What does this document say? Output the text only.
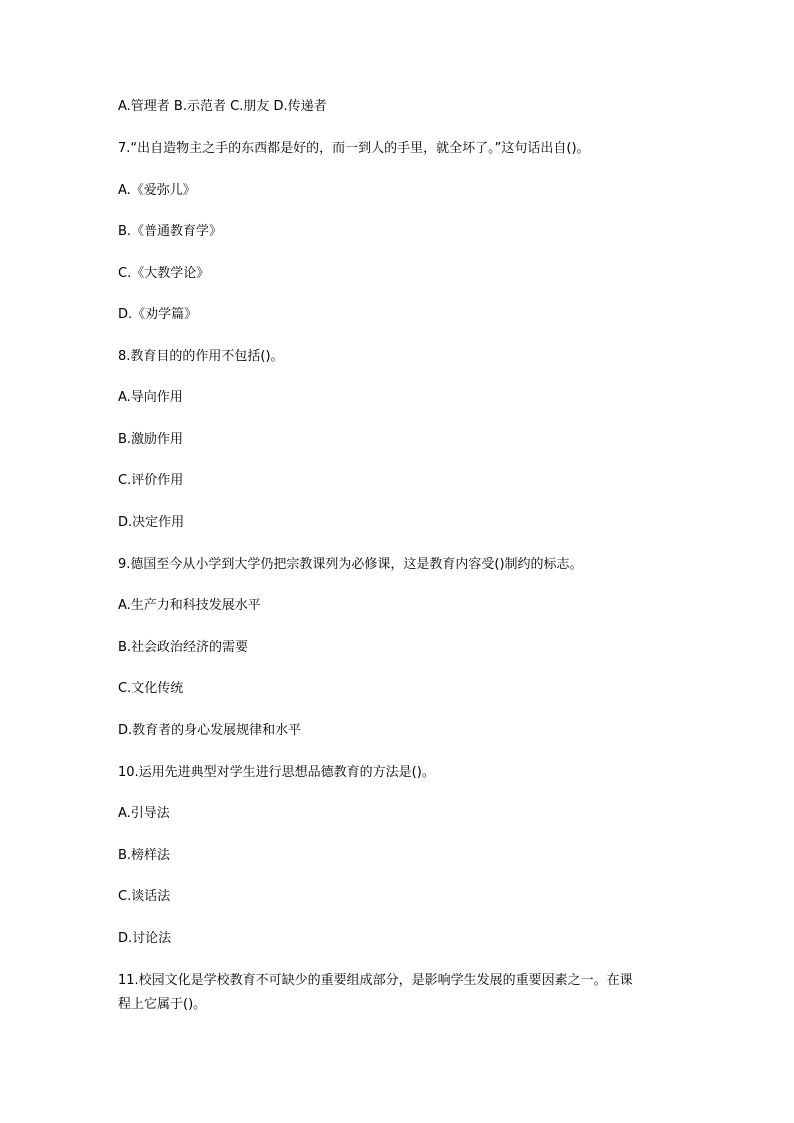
A.管理者 B.示范者 C.朋友 D.传递者
7.“出自造物主之手的东西都是好的，而一到人的手里，就全坏了。”这句话出自()。
A.《爱弥儿》
B.《普通教育学》
C.《大教学论》
D.《劝学篇》
8.教育目的的作用不包括()。
A.导向作用
B.激励作用
C.评价作用
D.决定作用
9.德国至今从小学到大学仍把宗教课列为必修课，这是教育内容受()制约的标志。
A.生产力和科技发展水平
B.社会政治经济的需要
C.文化传统
D.教育者的身心发展规律和水平
10.运用先进典型对学生进行思想品德教育的方法是()。
A.引导法
B.榜样法
C.谈话法
D.讨论法
11.校园文化是学校教育不可缺少的重要组成部分，是影响学生发展的重要因素之一。在课
程上它属于()。
